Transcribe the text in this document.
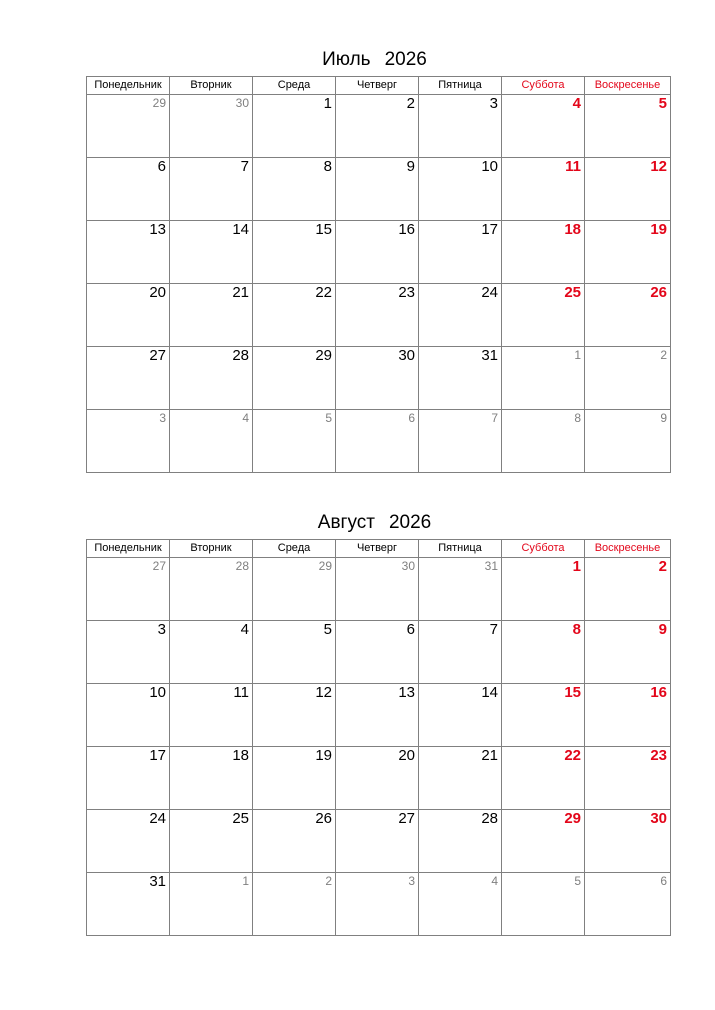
Июль 2026
Понедельник	Вторник	Среда	Четверг	Пятница	Суббота	Воскресенье
29	30	1	2	3	4	5
6	7	8	9	10	11	12
13	14	15	16	17	18	19
20	21	22	23	24	25	26
27	28	29	30	31	1	2
3	4	5	6	7	8	9
Август 2026
Понедельник	Вторник	Среда	Четверг	Пятница	Суббота	Воскресенье
27	28	29	30	31	1	2
3	4	5	6	7	8	9
10	11	12	13	14	15	16
17	18	19	20	21	22	23
24	25	26	27	28	29	30
31	1	2	3	4	5	6
